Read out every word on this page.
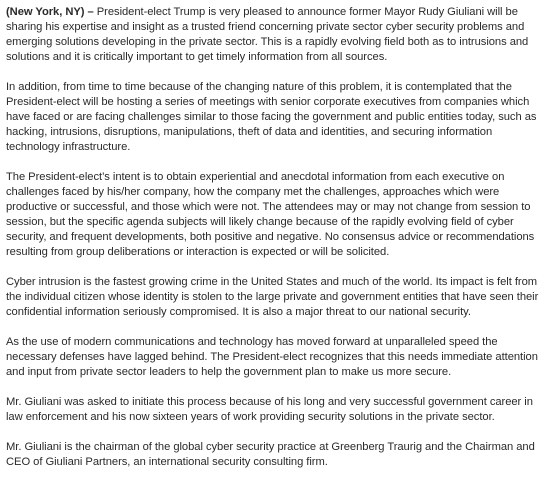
(New York, NY) – President-elect Trump is very pleased to announce former Mayor Rudy Giuliani will be sharing his expertise and insight as a trusted friend concerning private sector cyber security problems and emerging solutions developing in the private sector. This is a rapidly evolving field both as to intrusions and solutions and it is critically important to get timely information from all sources.

In addition, from time to time because of the changing nature of this problem, it is contemplated that the President-elect will be hosting a series of meetings with senior corporate executives from companies which have faced or are facing challenges similar to those facing the government and public entities today, such as hacking, intrusions, disruptions, manipulations, theft of data and identities, and securing information technology infrastructure.

The President-elect’s intent is to obtain experiential and anecdotal information from each executive on challenges faced by his/her company, how the company met the challenges, approaches which were productive or successful, and those which were not. The attendees may or may not change from session to session, but the specific agenda subjects will likely change because of the rapidly evolving field of cyber security, and frequent developments, both positive and negative. No consensus advice or recommendations resulting from group deliberations or interaction is expected or will be solicited.

Cyber intrusion is the fastest growing crime in the United States and much of the world. Its impact is felt from the individual citizen whose identity is stolen to the large private and government entities that have seen their confidential information seriously compromised. It is also a major threat to our national security.

As the use of modern communications and technology has moved forward at unparalleled speed the necessary defenses have lagged behind. The President-elect recognizes that this needs immediate attention and input from private sector leaders to help the government plan to make us more secure.

Mr. Giuliani was asked to initiate this process because of his long and very successful government career in law enforcement and his now sixteen years of work providing security solutions in the private sector.

Mr. Giuliani is the chairman of the global cyber security practice at Greenberg Traurig and the Chairman and CEO of Giuliani Partners, an international security consulting firm.
